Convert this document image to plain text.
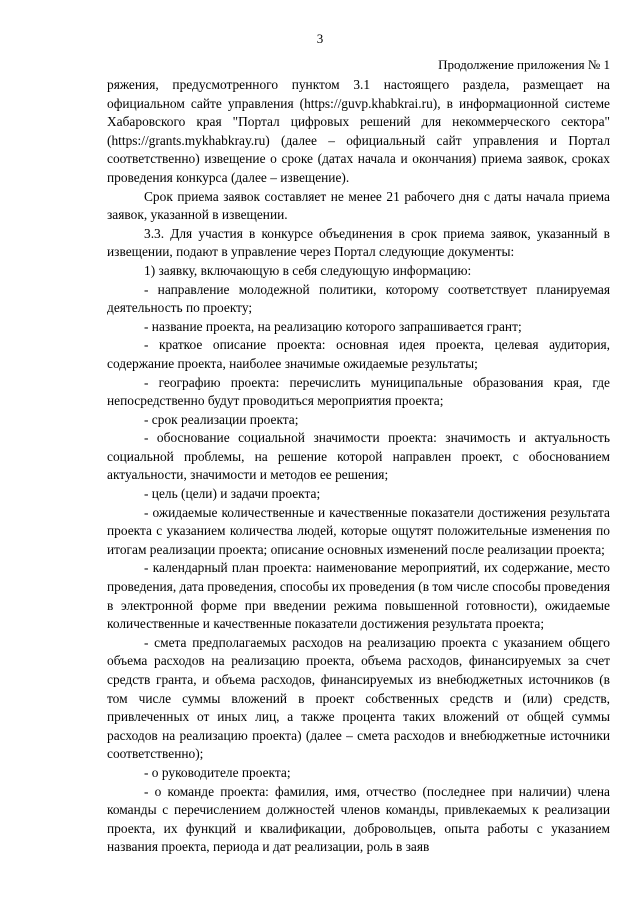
3
Продолжение приложения № 1

ряжения, предусмотренного пунктом 3.1 настоящего раздела, размещает на официальном сайте управления (https://guvp.khabkrai.ru), в информационной системе Хабаровского края "Портал цифровых решений для некоммерческого сектора" (https://grants.mykhabkray.ru) (далее – официальный сайт управления и Портал соответственно) извещение о сроке (датах начала и окончания) приема заявок, сроках проведения конкурса (далее – извещение).

Срок приема заявок составляет не менее 21 рабочего дня с даты начала приема заявок, указанной в извещении.

3.3. Для участия в конкурсе объединения в срок приема заявок, указанный в извещении, подают в управление через Портал следующие документы:

1) заявку, включающую в себя следующую информацию:

- направление молодежной политики, которому соответствует планируемая деятельность по проекту;

- название проекта, на реализацию которого запрашивается грант;

- краткое описание проекта: основная идея проекта, целевая аудитория, содержание проекта, наиболее значимые ожидаемые результаты;

- географию проекта: перечислить муниципальные образования края, где непосредственно будут проводиться мероприятия проекта;

- срок реализации проекта;

- обоснование социальной значимости проекта: значимость и актуальность социальной проблемы, на решение которой направлен проект, с обоснованием актуальности, значимости и методов ее решения;

- цель (цели) и задачи проекта;

- ожидаемые количественные и качественные показатели достижения результата проекта с указанием количества людей, которые ощутят положительные изменения по итогам реализации проекта; описание основных изменений после реализации проекта;

- календарный план проекта: наименование мероприятий, их содержание, место проведения, дата проведения, способы их проведения (в том числе способы проведения в электронной форме при введении режима повышенной готовности), ожидаемые количественные и качественные показатели достижения результата проекта;

- смета предполагаемых расходов на реализацию проекта с указанием общего объема расходов на реализацию проекта, объема расходов, финансируемых за счет средств гранта, и объема расходов, финансируемых из внебюджетных источников (в том числе суммы вложений в проект собственных средств и (или) средств, привлеченных от иных лиц, а также процента таких вложений от общей суммы расходов на реализацию проекта) (далее – смета расходов и внебюджетные источники соответственно);

- о руководителе проекта;

- о команде проекта: фамилия, имя, отчество (последнее при наличии) члена команды с перечислением должностей членов команды, привлекаемых к реализации проекта, их функций и квалификации, добровольцев, опыта работы с указанием названия проекта, периода и дат реализации, роль в заяв
